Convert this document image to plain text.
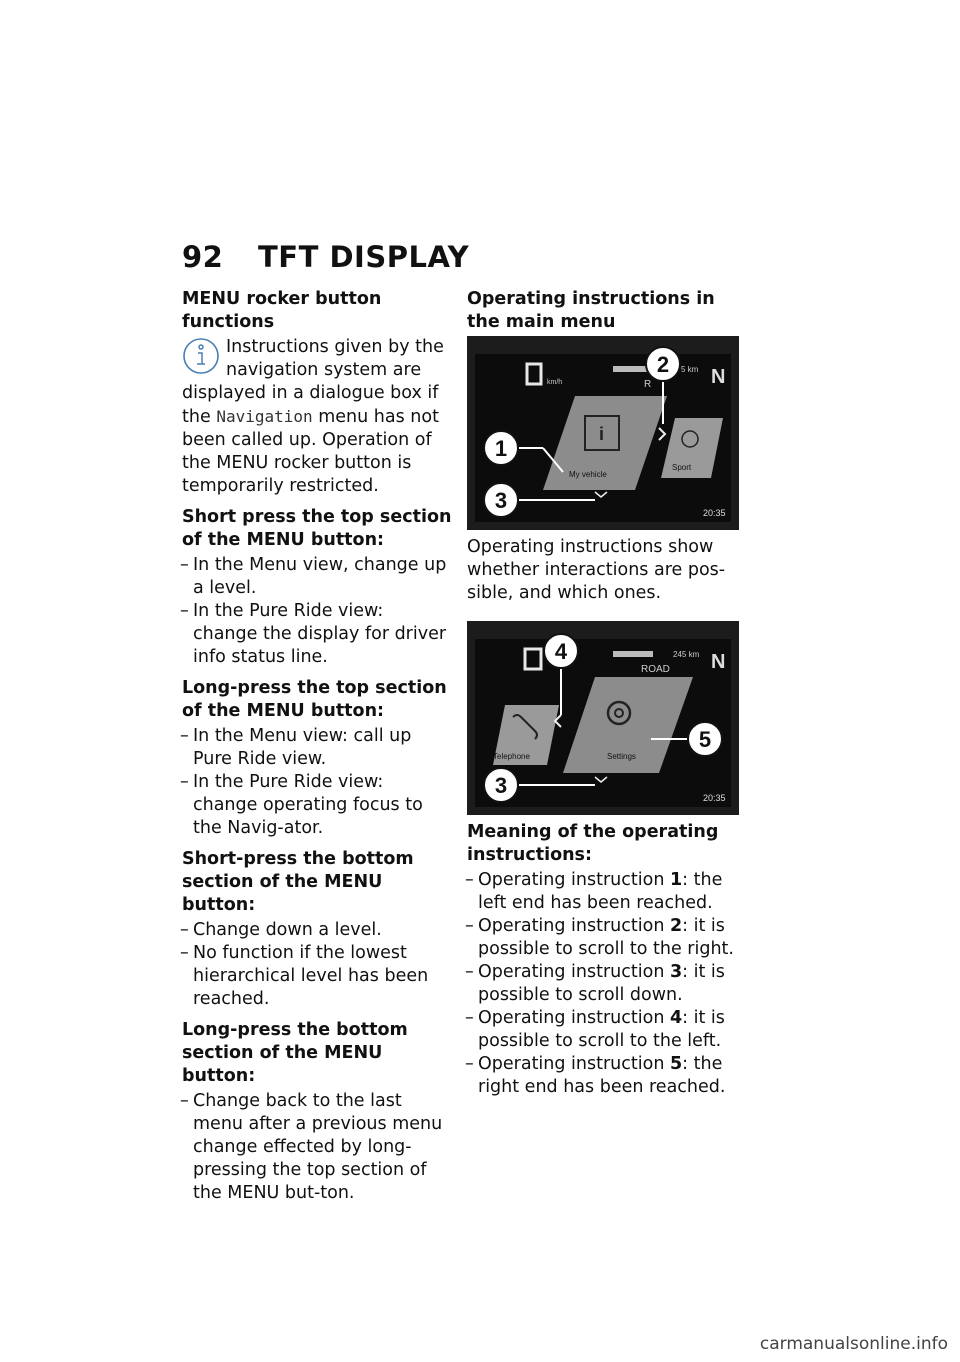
92 TFT DISPLAY
MENU rocker button functions
Instructions given by the
navigation system are

displayed in a dialogue box if the Navigation menu has not been called up. Operation of the MENU rocker button is temporarily restricted.

Short press the top section of the MENU button:
– In the Menu view, change up a level.
– In the Pure Ride view: change the display for driver info status line.
Long-press the top section of the MENU button:
– In the Menu view: call up Pure Ride view.
– In the Pure Ride view: change operating focus to the Navig-ator.
Short-press the bottom section of the MENU button:
– Change down a level.
– No function if the lowest hierarchical level has been reached.
Long-press the bottom section of the MENU button:
– Change back to the last menu after a previous menu change effected by long-pressing the top section of the MENU but-ton.
Operating instructions in the main menu
km/h
5 km
R	N
i
My vehicle
Sport
20:35
1
2
3

Operating instructions show whether interactions are pos-sible, and which ones.

245 km
ROAD N
Telephone	Settings
20:35
4
5
3
Meaning of the operating instructions:
– Operating instruction 1: the left end has been reached.
– Operating instruction 2: it is possible to scroll to the right.
– Operating instruction 3: it is possible to scroll down.
– Operating instruction 4: it is possible to scroll to the left.
– Operating instruction 5: the right end has been reached.
carmanualsonline.info
